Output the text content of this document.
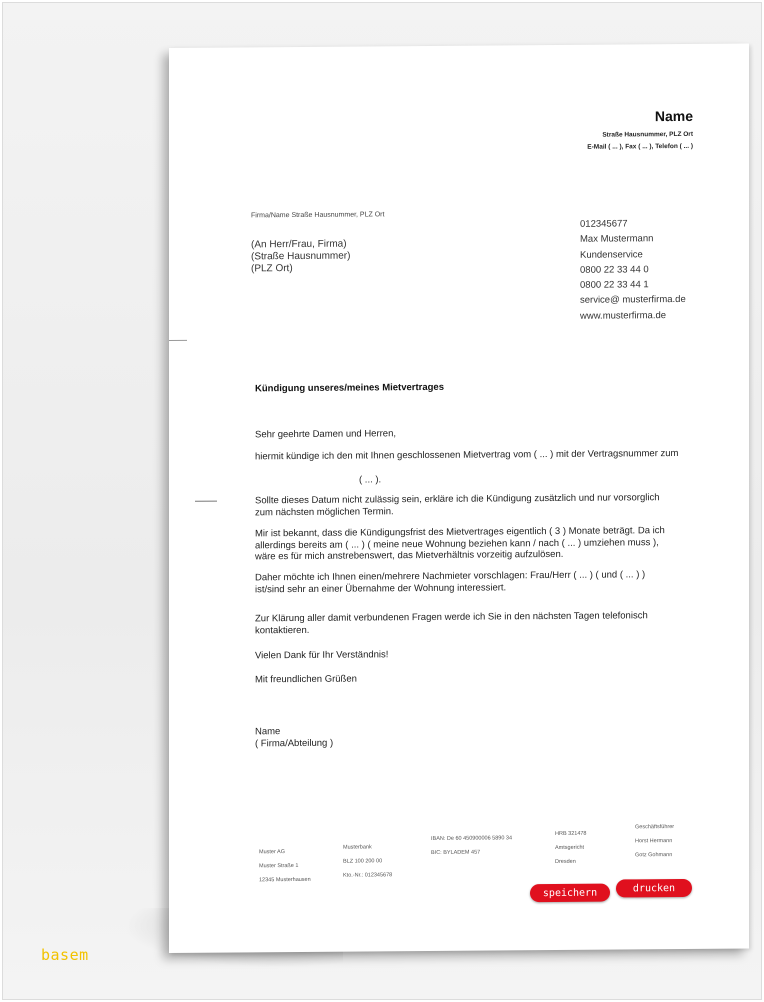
Name
Straße Hausnummer, PLZ Ort
E-Mail ( ... ), Fax ( ... ), Telefon ( ... )
Firma/Name Straße Hausnummer, PLZ Ort
(An Herr/Frau, Firma)
(Straße Hausnummer)
(PLZ Ort)
012345677
Max Mustermann
Kundenservice
0800 22 33 44 0
0800 22 33 44 1
service@ musterfirma.de
www.musterfirma.de
Kündigung unseres/meines Mietvertrages
Sehr geehrte Damen und Herren,
hiermit kündige ich den mit Ihnen geschlossenen Mietvertrag vom ( ... ) mit der Vertragsnummer zum
( ... ).
Sollte dieses Datum nicht zulässig sein, erkläre ich die Kündigung zusätzlich und nur vorsorglich zum nächsten möglichen Termin.
Mir ist bekannt, dass die Kündigungsfrist des Mietvertrages eigentlich ( 3 ) Monate beträgt. Da ich allerdings bereits am ( ... ) ( meine neue Wohnung beziehen kann / nach ( ... ) umziehen muss ), wäre es für mich anstrebenswert, das Mietverhältnis vorzeitig aufzulösen.
Daher möchte ich Ihnen einen/mehrere Nachmieter vorschlagen: Frau/Herr ( ... ) ( und ( ... ) ) ist/sind sehr an einer Übernahme der Wohnung interessiert.
Zur Klärung aller damit verbundenen Fragen werde ich Sie in den nächsten Tagen telefonisch kontaktieren.
Vielen Dank für Ihr Verständnis!
Mit freundlichen Grüßen
Name
( Firma/Abteilung )
Muster AG
Muster Straße 1
12345 Musterhausen
Musterbank
BLZ 100 200 00
Kto.-Nr.: 012345678
IBAN: De 60 450900006 5890 34
BIC: BYLADEM 457
HRB 321478
Amtsgericht
Dresden
Geschäftsführer
Horst Hermann
Gotz Gohmann
speichern	drucken
basem
